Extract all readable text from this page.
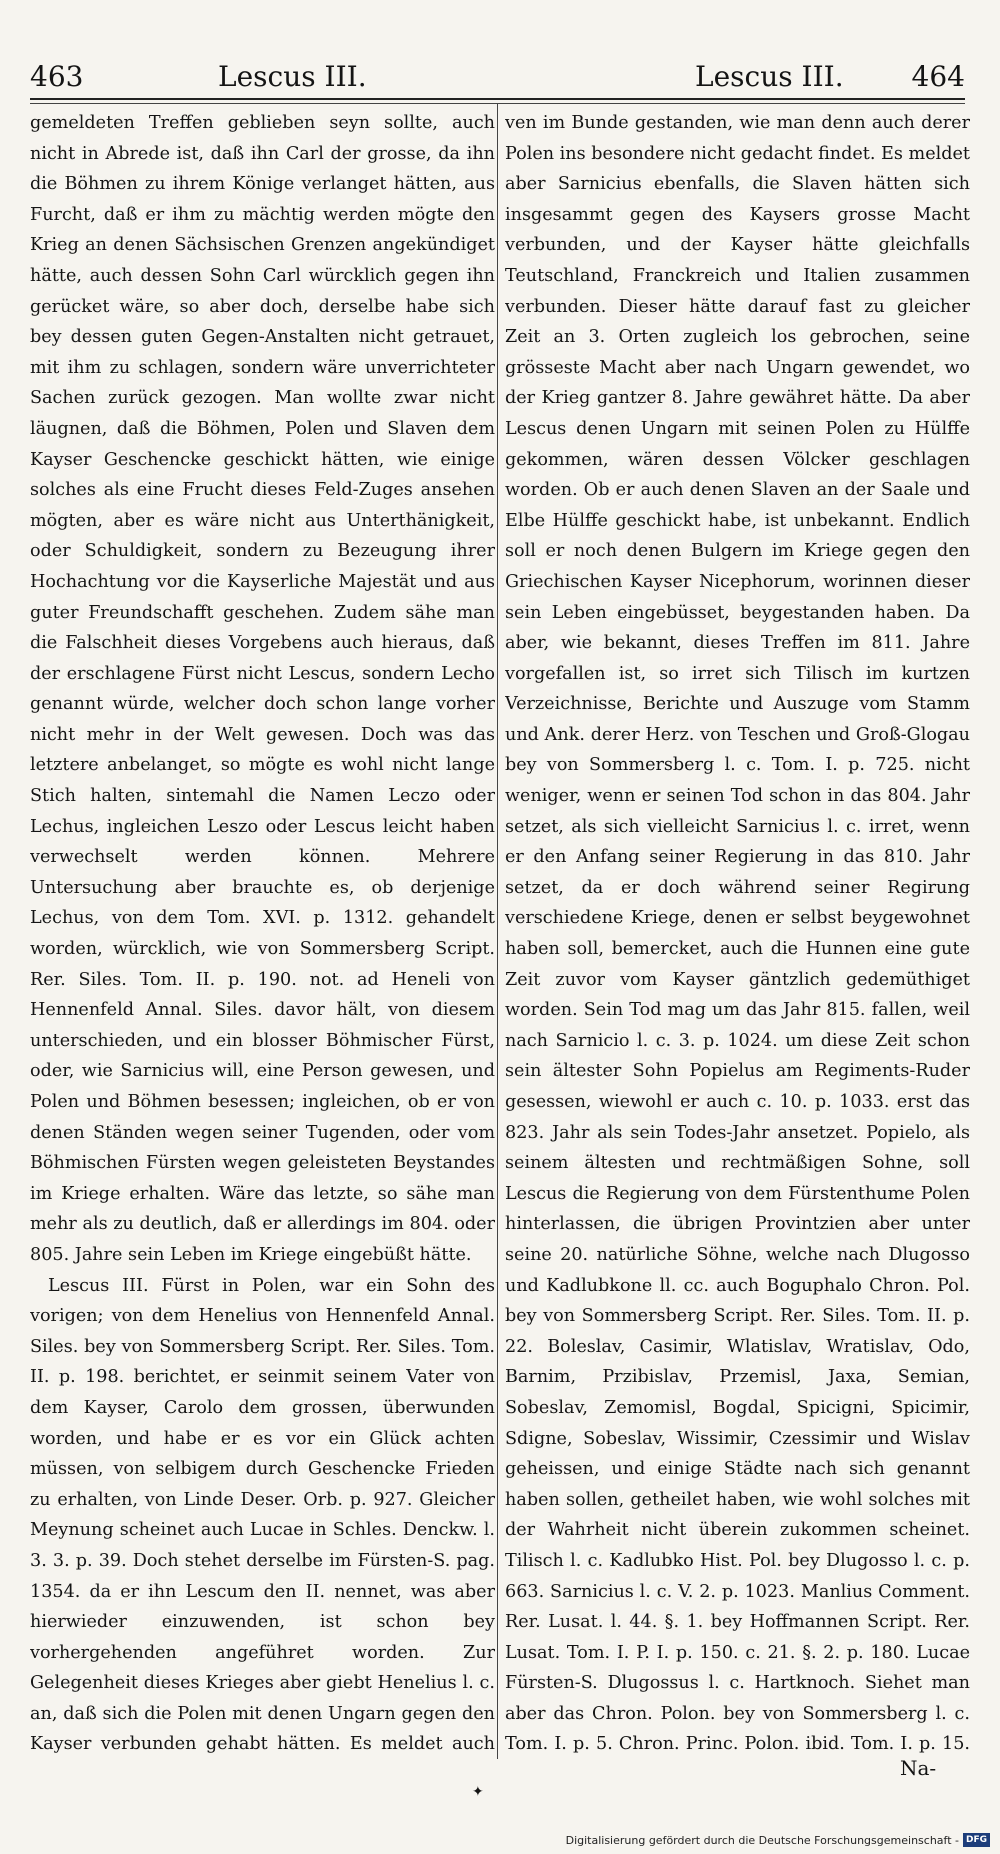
463	Lescus III.	Lescus III. 464

gemeldeten Treffen geblieben seyn sollte, auch nicht in Abrede ist, daß ihn Carl der grosse, da ihn die Böhmen zu ihrem Könige verlanget hätten, aus Furcht, daß er ihm zu mächtig werden mögte den Krieg an denen Sächsischen Grenzen angekündiget hätte, auch dessen Sohn Carl würcklich gegen ihn gerücket wäre, so aber doch, derselbe habe sich bey dessen guten Gegen-Anstalten nicht getrauet, mit ihm zu schlagen, sondern wäre unverrichteter Sachen zurück gezogen. Man wollte zwar nicht läugnen, daß die Böhmen, Polen und Slaven dem Kayser Geschencke geschickt hätten, wie einige solches als eine Frucht dieses Feld-Zuges ansehen mögten, aber es wäre nicht aus Unterthänigkeit, oder Schuldigkeit, sondern zu Bezeugung ihrer Hochachtung vor die Kayserliche Majestät und aus guter Freundschafft geschehen. Zudem sähe man die Falschheit dieses Vorgebens auch hieraus, daß der erschlagene Fürst nicht Lescus, sondern Lecho genannt würde, welcher doch schon lange vorher nicht mehr in der Welt gewesen. Doch was das letztere anbelanget, so mögte es wohl nicht lange Stich halten, sintemahl die Namen Leczo oder Lechus, ingleichen Leszo oder Lescus leicht haben verwechselt werden können. Mehrere Untersuchung aber brauchte es, ob derjenige Lechus, von dem Tom. XVI. p. 1312. gehandelt worden, würcklich, wie von Sommersberg Script. Rer. Siles. Tom. II. p. 190. not. ad Heneli von Hennenfeld Annal. Siles. davor hält, von diesem unterschieden, und ein blosser Böhmischer Fürst, oder, wie Sarnicius will, eine Person gewesen, und Polen und Böhmen besessen; ingleichen, ob er von denen Ständen wegen seiner Tugenden, oder vom Böhmischen Fürsten wegen geleisteten Beystandes im Kriege erhalten. Wäre das letzte, so sähe man mehr als zu deutlich, daß er allerdings im 804. oder 805. Jahre sein Leben im Kriege eingebüßt hätte.

Lescus III. Fürst in Polen, war ein Sohn des vorigen; von dem Henelius von Hennenfeld Annal. Siles. bey von Sommersberg Script. Rer. Siles. Tom. II. p. 198. berichtet, er seinmit seinem Vater von dem Kayser, Carolo dem grossen, überwunden worden, und habe er es vor ein Glück achten müssen, von selbigem durch Geschencke Frieden zu erhalten, von Linde Deser. Orb. p. 927. Gleicher Meynung scheinet auch Lucae in Schles. Denckw. l. 3. 3. p. 39. Doch stehet derselbe im Fürsten-S. pag. 1354. da er ihn Lescum den II. nennet, was aber hierwieder einzuwenden, ist schon bey vorhergehenden angeführet worden. Zur Gelegenheit dieses Krieges aber giebt Henelius l. c. an, daß sich die Polen mit denen Ungarn gegen den Kayser verbunden gehabt hätten. Es meldet auch

ven im Bunde gestanden, wie man denn auch derer Polen ins besondere nicht gedacht findet. Es meldet aber Sarnicius ebenfalls, die Slaven hätten sich insgesammt gegen des Kaysers grosse Macht verbunden, und der Kayser hätte gleichfalls Teutschland, Franckreich und Italien zusammen verbunden. Dieser hätte darauf fast zu gleicher Zeit an 3. Orten zugleich los gebrochen, seine grösseste Macht aber nach Ungarn gewendet, wo der Krieg gantzer 8. Jahre gewähret hätte. Da aber Lescus denen Ungarn mit seinen Polen zu Hülffe gekommen, wären dessen Völcker geschlagen worden. Ob er auch denen Slaven an der Saale und Elbe Hülffe geschickt habe, ist unbekannt. Endlich soll er noch denen Bulgern im Kriege gegen den Griechischen Kayser Nicephorum, worinnen dieser sein Leben eingebüsset, beygestanden haben. Da aber, wie bekannt, dieses Treffen im 811. Jahre vorgefallen ist, so irret sich Tilisch im kurtzen Verzeichnisse, Berichte und Auszuge vom Stamm und Ank. derer Herz. von Teschen und Groß-Glogau bey von Sommersberg l. c. Tom. I. p. 725. nicht weniger, wenn er seinen Tod schon in das 804. Jahr setzet, als sich vielleicht Sarnicius l. c. irret, wenn er den Anfang seiner Regierung in das 810. Jahr setzet, da er doch während seiner Regirung verschiedene Kriege, denen er selbst beygewohnet haben soll, bemercket, auch die Hunnen eine gute Zeit zuvor vom Kayser gäntzlich gedemüthiget worden. Sein Tod mag um das Jahr 815. fallen, weil nach Sarnicio l. c. 3. p. 1024. um diese Zeit schon sein ältester Sohn Popielus am Regiments-Ruder gesessen, wiewohl er auch c. 10. p. 1033. erst das 823. Jahr als sein Todes-Jahr ansetzet. Popielo, als seinem ältesten und rechtmäßigen Sohne, soll Lescus die Regierung von dem Fürstenthume Polen hinterlassen, die übrigen Provintzien aber unter seine 20. natürliche Söhne, welche nach Dlugosso und Kadlubkone ll. cc. auch Boguphalo Chron. Pol. bey von Sommersberg Script. Rer. Siles. Tom. II. p. 22. Boleslav, Casimir, Wlatislav, Wratislav, Odo, Barnim, Przibislav, Przemisl, Jaxa, Semian, Sobeslav, Zemomisl, Bogdal, Spicigni, Spicimir, Sdigne, Sobeslav, Wissimir, Czessimir und Wislav geheissen, und einige Städte nach sich genannt haben sollen, getheilet haben, wie wohl solches mit der Wahrheit nicht überein zukommen scheinet. Tilisch l. c. Kadlubko Hist. Pol. bey Dlugosso l. c. p. 663. Sarnicius l. c. V. 2. p. 1023. Manlius Comment. Rer. Lusat. l. 44. §. 1. bey Hoffmannen Script. Rer. Lusat. Tom. I. P. I. p. 150. c. 21. §. 2. p. 180. Lucae Fürsten-S. Dlugossus l. c. Hartknoch. Siehet man aber das Chron. Polon. bey von Sommersberg l. c. Tom. I. p. 5. Chron. Princ. Polon. ibid. Tom. I. p. 15.

Na-
✦
Digitalisierung gefördert durch die Deutsche Forschungsgemeinschaft - DFG
